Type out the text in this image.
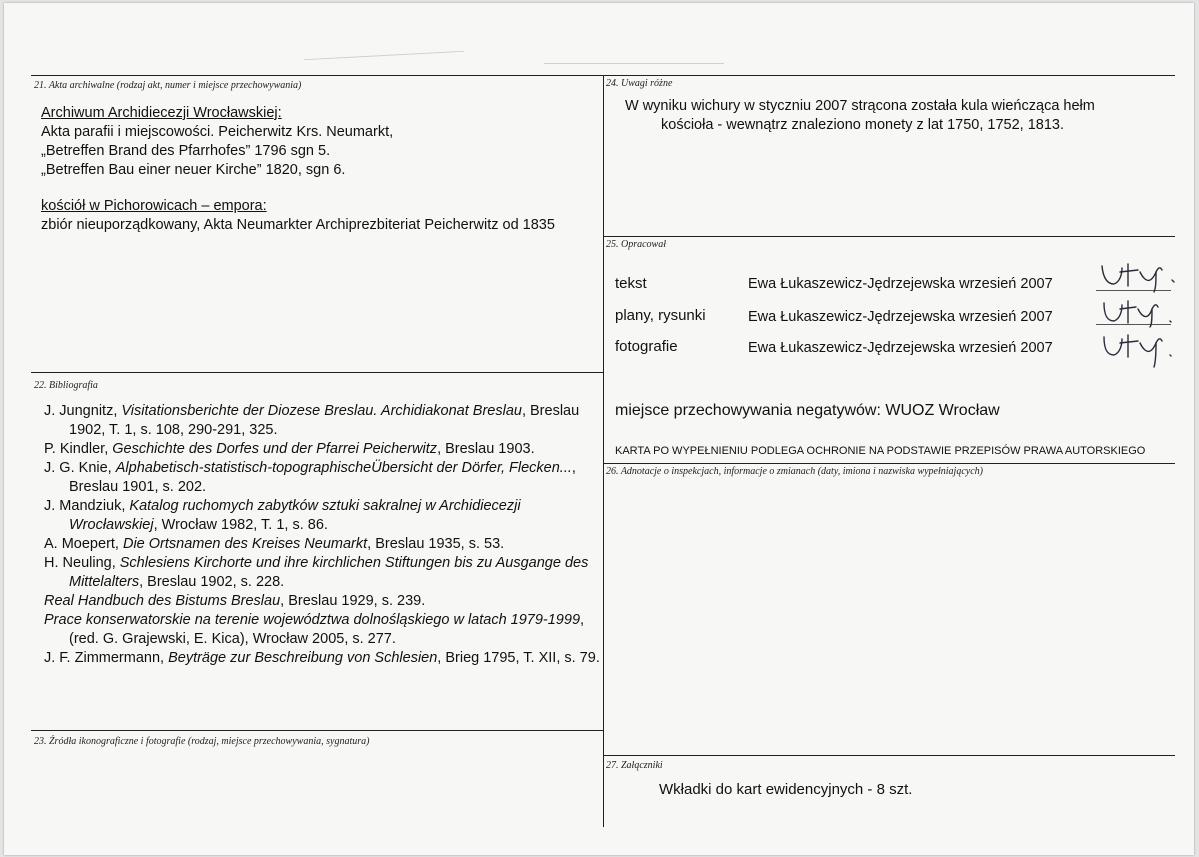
21. Akta archiwalne (rodzaj akt, numer i miejsce przechowywania)
Archiwum Archidiecezji Wrocławskiej:
Akta parafii i miejscowości. Peicherwitz Krs. Neumarkt,
„Betreffen Brand des Pfarrhofes” 1796 sgn 5.
„Betreffen Bau einer neuer Kirche” 1820, sgn 6.
kościół w Pichorowicach – empora:
zbiór nieuporządkowany, Akta Neumarkter Archiprezbiteriat Peicherwitz od 1835
22. Bibliografia

J. Jungnitz, Visitationsberichte der Diozese Breslau. Archidiakonat Breslau, Breslau 1902, T. 1, s. 108, 290-291, 325.

P. Kindler, Geschichte des Dorfes und der Pfarrei Peicherwitz, Breslau 1903.

J. G. Knie, Alphabetisch-statistisch-topographischeÜbersicht der Dörfer, Flecken..., Breslau 1901, s. 202.

J. Mandziuk, Katalog ruchomych zabytków sztuki sakralnej w Archidiecezji Wrocławskiej, Wrocław 1982, T. 1, s. 86.

A. Moepert, Die Ortsnamen des Kreises Neumarkt, Breslau 1935, s. 53.

H. Neuling, Schlesiens Kirchorte und ihre kirchlichen Stiftungen bis zu Ausgange des Mittelalters, Breslau 1902, s. 228.

Real Handbuch des Bistums Breslau, Breslau 1929, s. 239.

Prace konserwatorskie na terenie województwa dolnośląskiego w latach 1979-1999, (red. G. Grajewski, E. Kica), Wrocław 2005, s. 277.

J. F. Zimmermann, Beyträge zur Beschreibung von Schlesien, Brieg 1795, T. XII, s. 79.

23. Źródła ikonograficzne i fotografie (rodzaj, miejsce przechowywania, sygnatura)
24. Uwagi różne
W wyniku wichury w styczniu 2007 strącona została kula wieńcząca hełm
kościoła - wewnątrz znaleziono monety z lat 1750, 1752, 1813.
25. Opracował
tekst	Ewa Łukaszewicz-Jędrzejewska wrzesień 2007
plany, rysunki	Ewa Łukaszewicz-Jędrzejewska wrzesień 2007
fotografie	Ewa Łukaszewicz-Jędrzejewska wrzesień 2007
miejsce przechowywania negatywów: WUOZ Wrocław
KARTA PO WYPEŁNIENIU PODLEGA OCHRONIE NA PODSTAWIE PRZEPISÓW PRAWA AUTORSKIEGO
26. Adnotacje o inspekcjach, informacje o zmianach (daty, imiona i nazwiska wypełniających)
27. Załączniki
Wkładki do kart ewidencyjnych - 8 szt.
